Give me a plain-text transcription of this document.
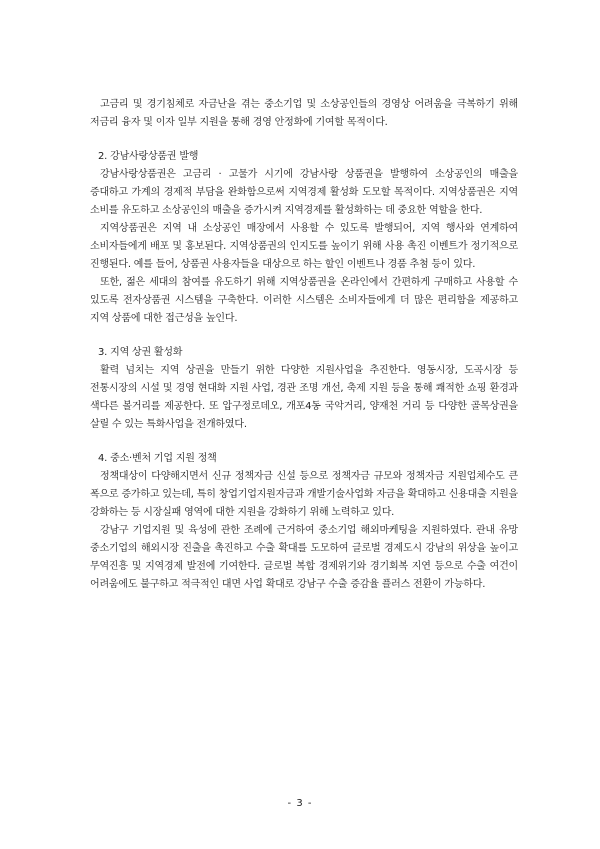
고금리 및 경기침체로 자금난을 겪는 중소기업 및 소상공인들의 경영상 어려움을 극복하기 위해 저금리 융자 및 이자 일부 지원을 통해 경영 안정화에 기여할 목적이다.

2. 강남사랑상품권 발행

강남사랑상품권은 고금리 · 고물가 시기에 강남사랑 상품권을 발행하여 소상공인의 매출을 증대하고 가계의 경제적 부담을 완화함으로써 지역경제 활성화 도모할 목적이다. 지역상품권은 지역 소비를 유도하고 소상공인의 매출을 증가시켜 지역경제를 활성화하는 데 중요한 역할을 한다.

지역상품권은 지역 내 소상공인 매장에서 사용할 수 있도록 발행되어, 지역 행사와 연계하여 소비자들에게 배포 및 홍보된다. 지역상품권의 인지도를 높이기 위해 사용 촉진 이벤트가 정기적으로 진행된다. 예를 들어, 상품권 사용자들을 대상으로 하는 할인 이벤트나 경품 추첨 등이 있다.

또한, 젊은 세대의 참여를 유도하기 위해 지역상품권을 온라인에서 간편하게 구매하고 사용할 수 있도록 전자상품권 시스템을 구축한다. 이러한 시스템은 소비자들에게 더 많은 편리함을 제공하고 지역 상품에 대한 접근성을 높인다.

3. 지역 상권 활성화

활력 넘치는 지역 상권을 만들기 위한 다양한 지원사업을 추진한다. 영동시장, 도곡시장 등 전통시장의 시설 및 경영 현대화 지원 사업, 경관 조명 개선, 축제 지원 등을 통해 쾌적한 쇼핑 환경과 색다른 볼거리를 제공한다. 또 압구정로데오, 개포4동 국악거리, 양재천 거리 등 다양한 골목상권을 살릴 수 있는 특화사업을 전개하였다.

4. 중소·벤처 기업 지원 정책

정책대상이 다양해지면서 신규 정책자금 신설 등으로 정책자금 규모와 정책자금 지원업체수도 큰 폭으로 증가하고 있는데, 특히 창업기업지원자금과 개발기술사업화 자금을 확대하고 신용대출 지원을 강화하는 등 시장실패 영역에 대한 지원을 강화하기 위해 노력하고 있다.

강남구 기업지원 및 육성에 관한 조례에 근거하여 중소기업 해외마케팅을 지원하였다. 관내 유망 중소기업의 해외시장 진출을 촉진하고 수출 확대를 도모하여 글로벌 경제도시 강남의 위상을 높이고 무역진흥 및 지역경제 발전에 기여한다. 글로벌 복합 경제위기와 경기회복 지연 등으로 수출 여건이 어려움에도 불구하고 적극적인 대면 사업 확대로 강남구 수출 증감율 플러스 전환이 가능하다.

- 3 -
